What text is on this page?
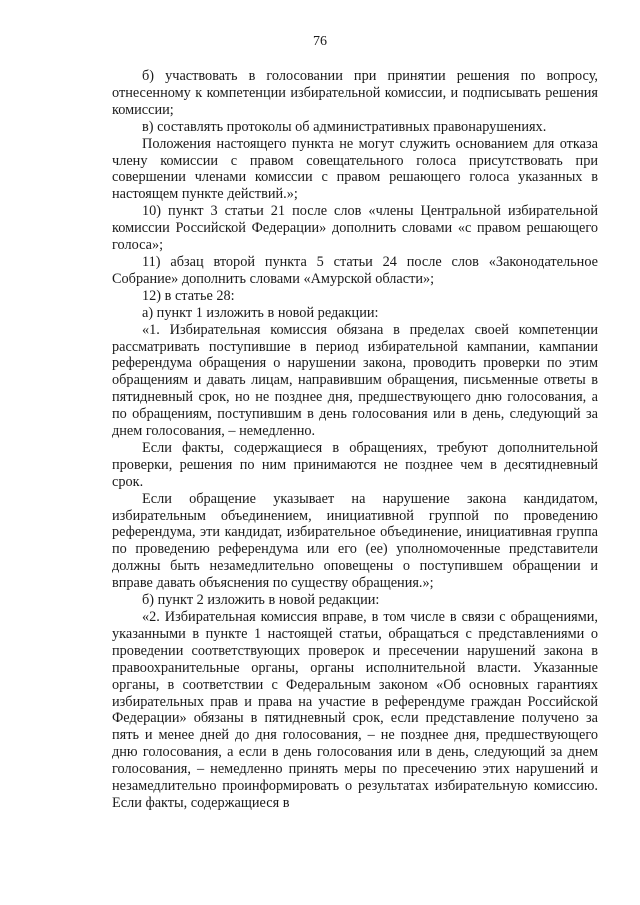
76

б) участвовать в голосовании при принятии решения по вопросу, отнесенному к компетенции избирательной комиссии, и подписывать решения комиссии;

в) составлять протоколы об административных правонарушениях.

Положения настоящего пункта не могут служить основанием для отказа члену комиссии с правом совещательного голоса присутствовать при совершении членами комиссии с правом решающего голоса указанных в настоящем пункте действий.»;

10) пункт 3 статьи 21 после слов «члены Центральной избирательной комиссии Российской Федерации» дополнить словами «с правом решающего голоса»;

11) абзац второй пункта 5 статьи 24 после слов «Законодательное Собрание» дополнить словами «Амурской области»;

12) в статье 28:

а) пункт 1 изложить в новой редакции:

«1. Избирательная комиссия обязана в пределах своей компетенции рассматривать поступившие в период избирательной кампании, кампании референдума обращения о нарушении закона, проводить проверки по этим обращениям и давать лицам, направившим обращения, письменные ответы в пятидневный срок, но не позднее дня, предшествующего дню голосования, а по обращениям, поступившим в день голосования или в день, следующий за днем голосования, – немедленно.

Если факты, содержащиеся в обращениях, требуют дополнительной проверки, решения по ним принимаются не позднее чем в десятидневный срок.

Если обращение указывает на нарушение закона кандидатом, избирательным объединением, инициативной группой по проведению референдума, эти кандидат, избирательное объединение, инициативная группа по проведению референдума или его (ее) уполномоченные представители должны быть незамедлительно оповещены о поступившем обращении и вправе давать объяснения по существу обращения.»;

б) пункт 2 изложить в новой редакции:

«2. Избирательная комиссия вправе, в том числе в связи с обращениями, указанными в пункте 1 настоящей статьи, обращаться с представлениями о проведении соответствующих проверок и пресечении нарушений закона в правоохранительные органы, органы исполнительной власти. Указанные органы, в соответствии с Федеральным законом «Об основных гарантиях избирательных прав и права на участие в референдуме граждан Российской Федерации» обязаны в пятидневный срок, если представление получено за пять и менее дней до дня голосования, – не позднее дня, предшествующего дню голосования, а если в день голосования или в день, следующий за днем голосования, – немедленно принять меры по пресечению этих нарушений и незамедлительно проинформировать о результатах избирательную комиссию. Если факты, содержащиеся в
